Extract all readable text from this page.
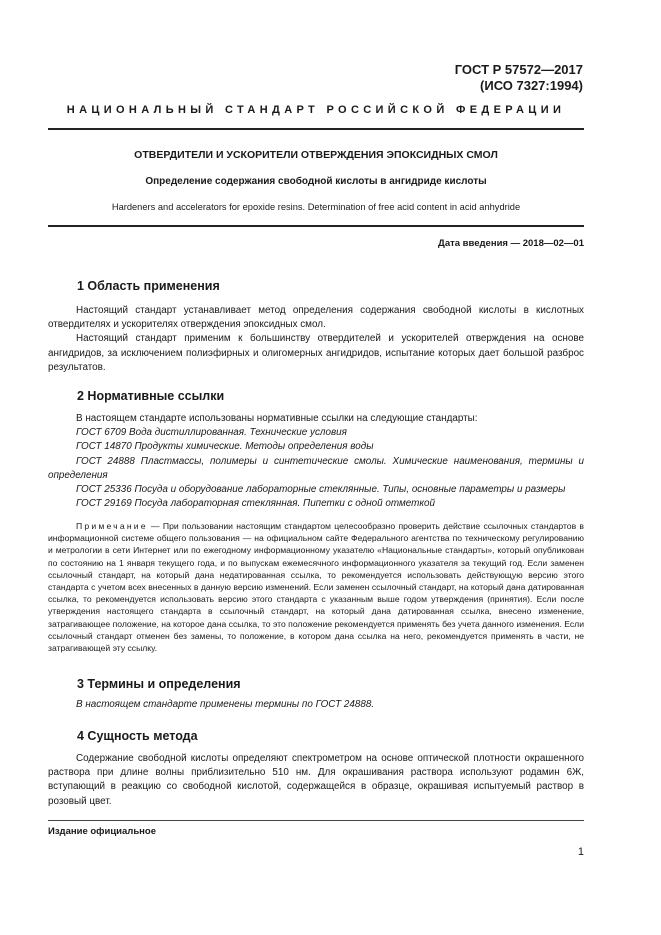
ГОСТ Р 57572—2017
(ИСО 7327:1994)
НАЦИОНАЛЬНЫЙ СТАНДАРТ РОССИЙСКОЙ ФЕДЕРАЦИИ
ОТВЕРДИТЕЛИ И УСКОРИТЕЛИ ОТВЕРЖДЕНИЯ ЭПОКСИДНЫХ СМОЛ
Определение содержания свободной кислоты в ангидриде кислоты
Hardeners and accelerators for epoxide resins. Determination of free acid content in acid anhydride
Дата введения — 2018—02—01
1 Область применения
Настоящий стандарт устанавливает метод определения содержания свободной кислоты в кислотных отвердителях и ускорителях отверждения эпоксидных смол.
Настоящий стандарт применим к большинству отвердителей и ускорителей отверждения на основе ангидридов, за исключением полиэфирных и олигомерных ангидридов, испытание которых дает большой разброс результатов.
2 Нормативные ссылки
В настоящем стандарте использованы нормативные ссылки на следующие стандарты:
ГОСТ 6709 Вода дистиллированная. Технические условия
ГОСТ 14870 Продукты химические. Методы определения воды
ГОСТ 24888 Пластмассы, полимеры и синтетические смолы. Химические наименования, термины и определения
ГОСТ 25336 Посуда и оборудование лабораторные стеклянные. Типы, основные параметры и размеры
ГОСТ 29169 Посуда лабораторная стеклянная. Пипетки с одной отметкой
Примечание — При пользовании настоящим стандартом целесообразно проверить действие ссылочных стандартов в информационной системе общего пользования — на официальном сайте Федерального агентства по техническому регулированию и метрологии в сети Интернет или по ежегодному информационному указателю «Национальные стандарты», который опубликован по состоянию на 1 января текущего года, и по выпускам ежемесячного информационного указателя за текущий год. Если заменен ссылочный стандарт, на который дана недатированная ссылка, то рекомендуется использовать действующую версию этого стандарта с учетом всех внесенных в данную версию изменений. Если заменен ссылочный стандарт, на который дана датированная ссылка, то рекомендуется использовать версию этого стандарта с указанным выше годом утверждения (принятия). Если после утверждения настоящего стандарта в ссылочный стандарт, на который дана датированная ссылка, внесено изменение, затрагивающее положение, на которое дана ссылка, то это положение рекомендуется применять без учета данного изменения. Если ссылочный стандарт отменен без замены, то положение, в котором дана ссылка на него, рекомендуется применять в части, не затрагивающей эту ссылку.
3 Термины и определения
В настоящем стандарте применены термины по ГОСТ 24888.
4 Сущность метода
Содержание свободной кислоты определяют спектрометром на основе оптической плотности окрашенного раствора при длине волны приблизительно 510 нм. Для окрашивания раствора используют родамин 6Ж, вступающий в реакцию со свободной кислотой, содержащейся в образце, окрашивая испытуемый раствор в розовый цвет.
Издание официальное
1
